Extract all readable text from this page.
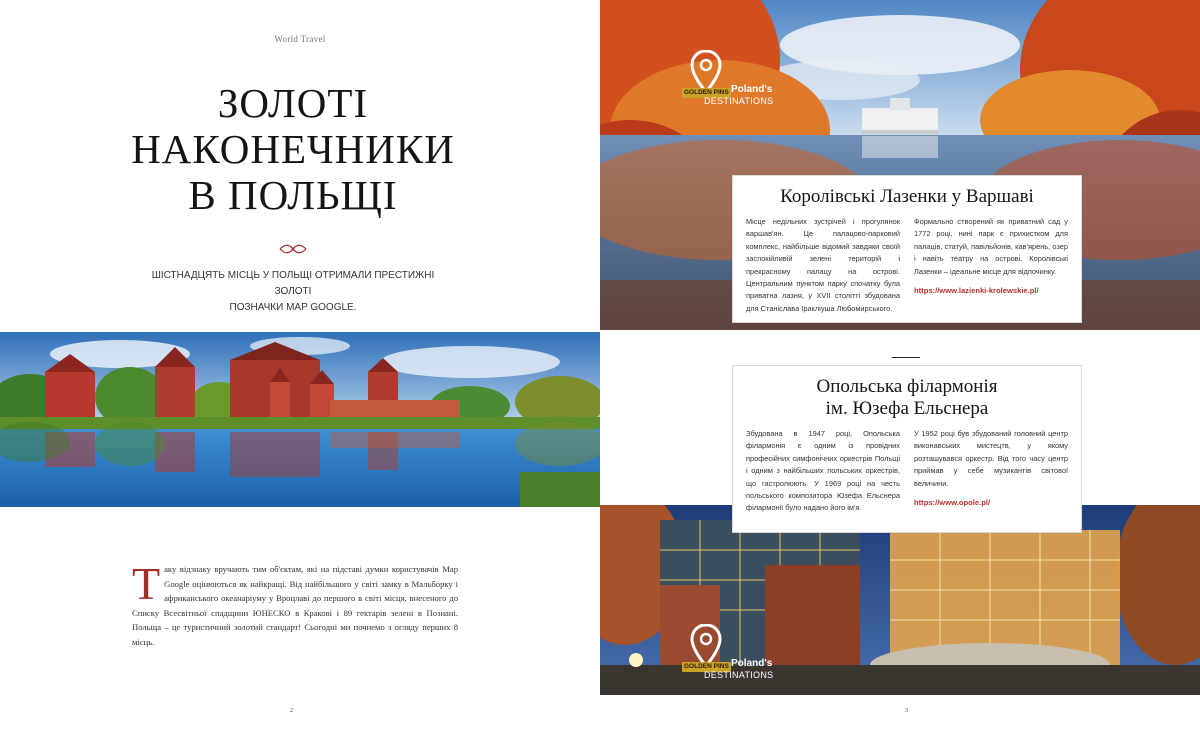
World Travel
ЗОЛОТІ
НАКОНЕЧНИКИ
В ПОЛЬЩІ
ШІСТНАДЦЯТЬ МІСЦЬ У ПОЛЬЩІ ОТРИМАЛИ ПРЕСТИЖНІ ЗОЛОТІ
ПОЗНАЧКИ MAP GOOGLE.

Таку відзнаку вручають тим об'єктам, які на підставі думки користувачів Map Google оцінюються як найкращі. Від найбільшого у світі замку в Мальборку і африканського океанаріуму у Вроцлаві до першого в світі місця, внесеного до Списку Всесвітньої спадщини ЮНЕСКО в Кракові і 89 гектарів зелені в Познані. Польща – це туристичний золотий стандарт! Сьогодні ми почнемо з огляду перших 8 місць.

2
GOLDEN PINS Poland's
DESTINATIONS
Королівські Лазенки у Варшаві
Місце недільних зустрічей і прогулянок варшав'ян. Це палацово-парковий комплекс, найбільше відомий завдяки своїй заспокійливій зелені територій і прекрасному палацу на острові. Центральним пунктом парку спочатку була приватна лазня, у XVII столітті збудована для Станіслава Іракліуша Любомирського.
Формально створений як приватний сад у 1772 році, нині парк є прихистком для палаців, статуй, павільйонів, кав'ярень, озер і навіть театру на острові. Королівські Лазенки – ідеальне місце для відпочинку.
https://www.lazienki-krolewskie.pl/
GOLDEN PINS Poland's
DESTINATIONS
Опольська філармонія
ім. Юзефа Ельснера
Збудована в 1947 році, Опольська філармонія є одним із провідних професійних симфонічних оркестрів Польщі і одним з найбільших польських оркестрів, що гастролюють. У 1969 році на честь польського композитора Юзефа Ельснера філармонії було надано його ім'я.
У 1952 році був збудований головний центр виконавських мистецтв, у якому розташувався оркестр. Від того часу центр приймав у себе музикантів світової величини.
https://www.opole.pl/
3
